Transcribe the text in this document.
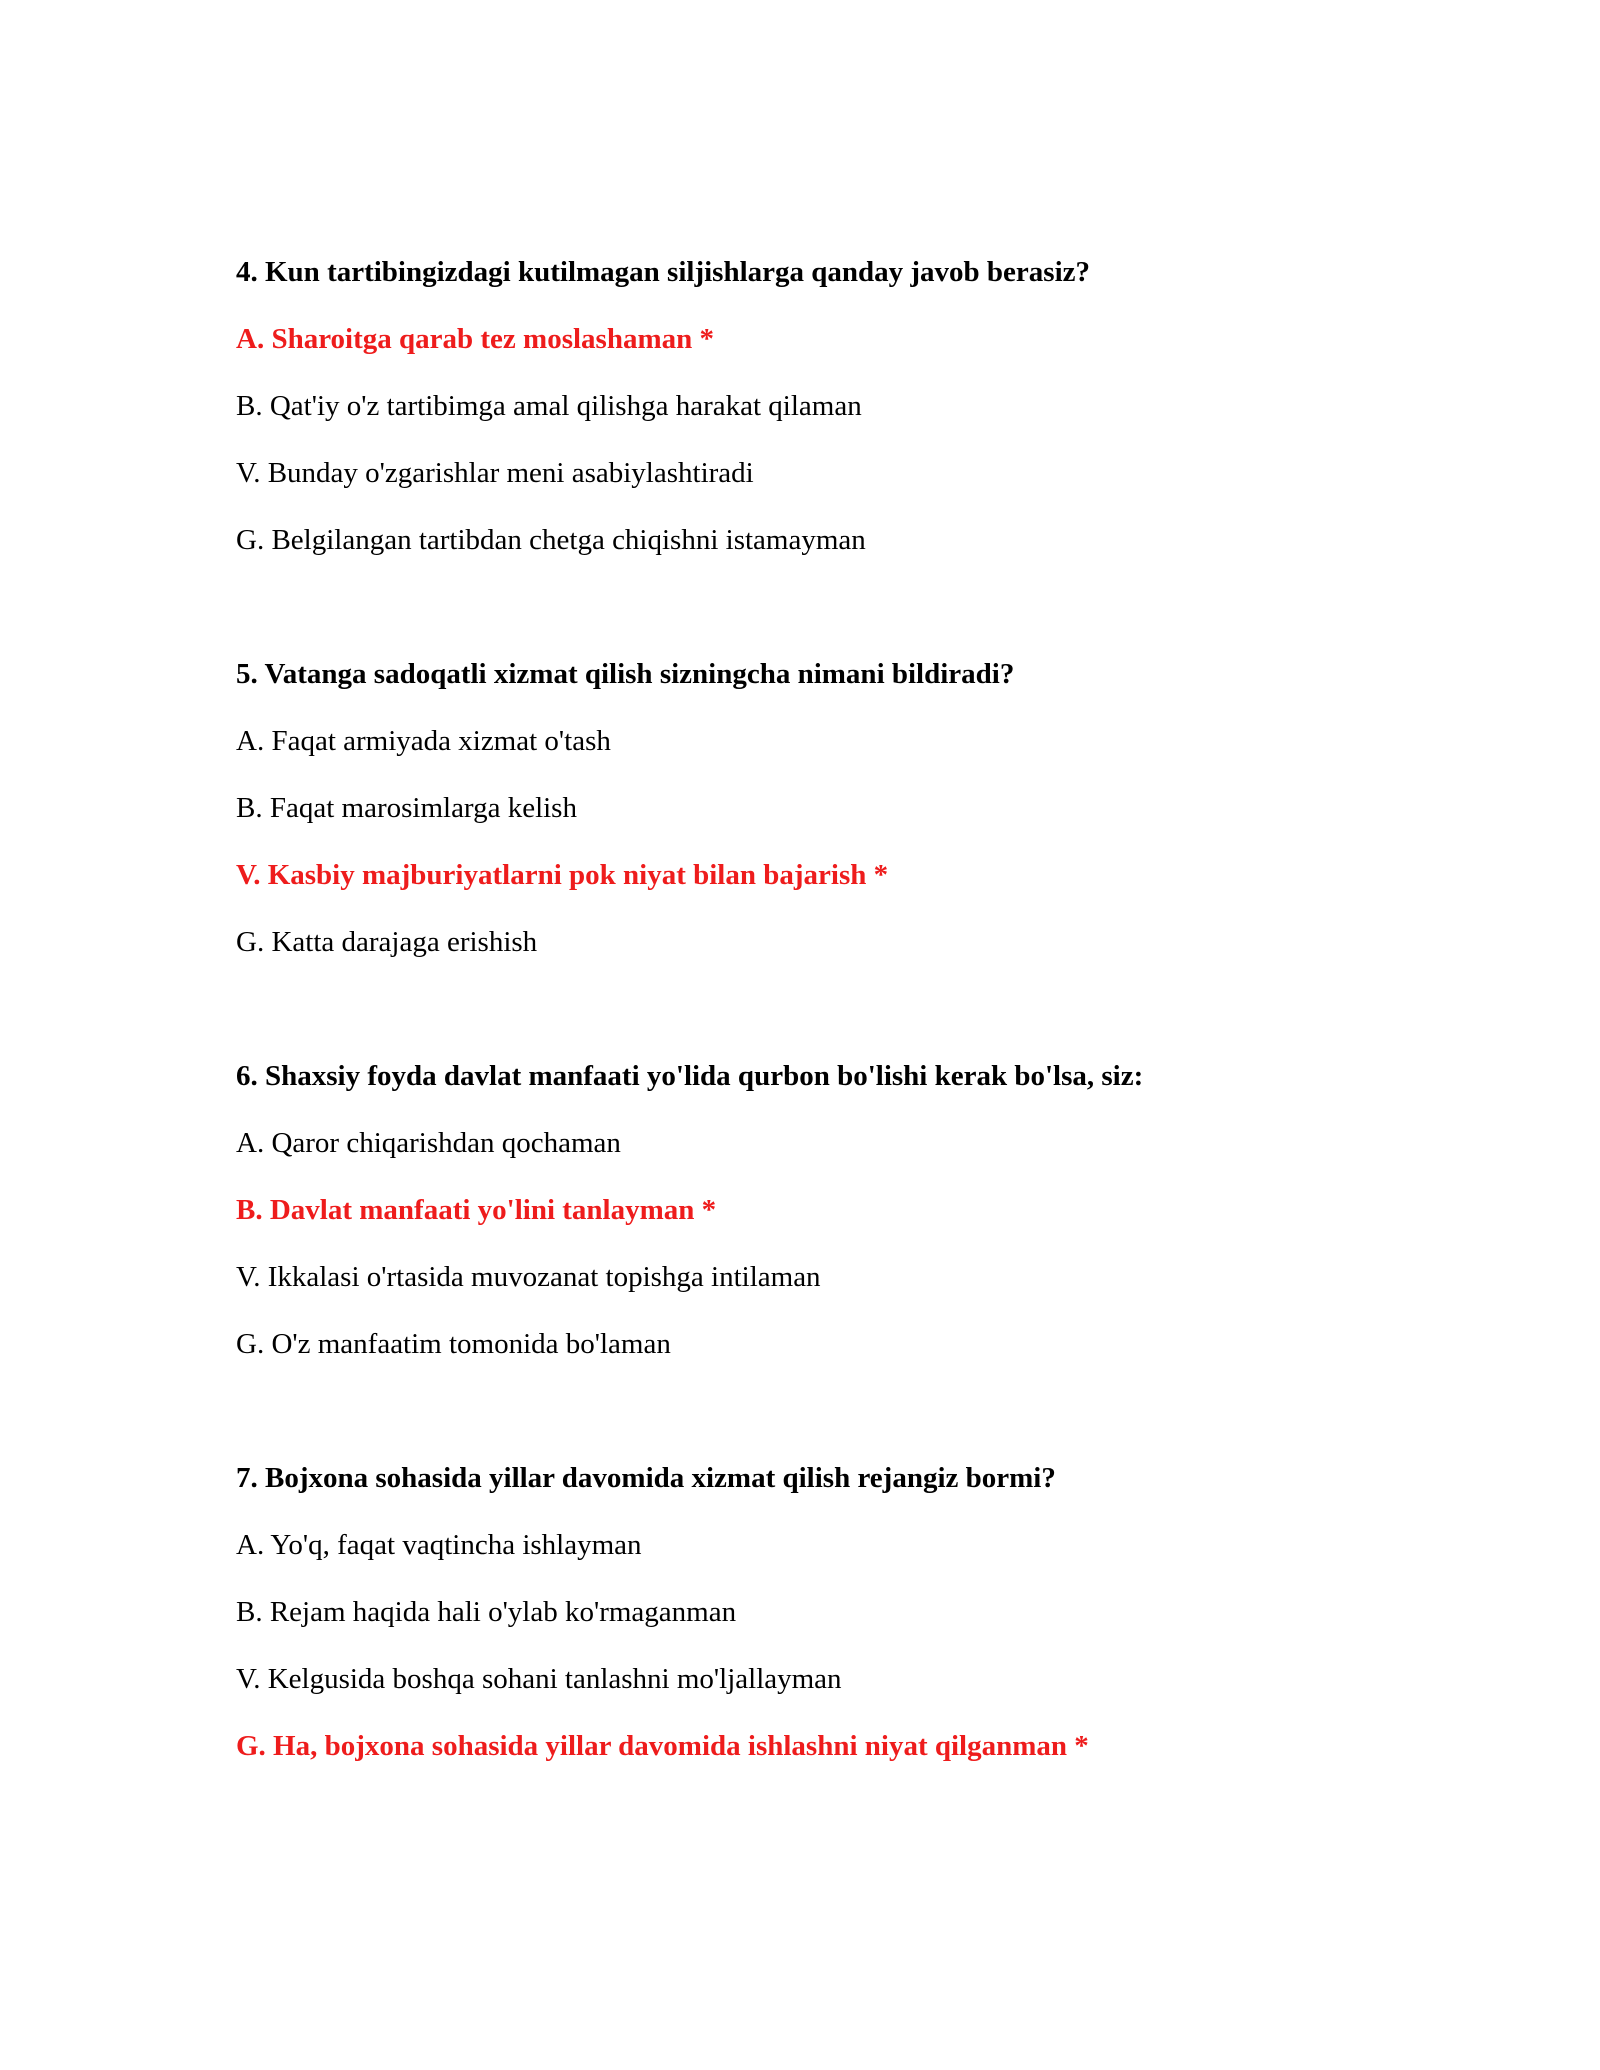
4. Kun tartibingizdagi kutilmagan siljishlarga qanday javob berasiz?
A. Sharoitga qarab tez moslashaman *
B. Qat'iy o'z tartibimga amal qilishga harakat qilaman
V. Bunday o'zgarishlar meni asabiylashtiradi
G. Belgilangan tartibdan chetga chiqishni istamayman
5. Vatanga sadoqatli xizmat qilish sizningcha nimani bildiradi?
A. Faqat armiyada xizmat o'tash
B. Faqat marosimlarga kelish
V. Kasbiy majburiyatlarni pok niyat bilan bajarish *
G. Katta darajaga erishish
6. Shaxsiy foyda davlat manfaati yo'lida qurbon bo'lishi kerak bo'lsa, siz:
A. Qaror chiqarishdan qochaman
B. Davlat manfaati yo'lini tanlayman *
V. Ikkalasi o'rtasida muvozanat topishga intilaman
G. O'z manfaatim tomonida bo'laman
7. Bojxona sohasida yillar davomida xizmat qilish rejangiz bormi?
A. Yo'q, faqat vaqtincha ishlayman
B. Rejam haqida hali o'ylab ko'rmaganman
V. Kelgusida boshqa sohani tanlashni mo'ljallayman
G. Ha, bojxona sohasida yillar davomida ishlashni niyat qilganman *
